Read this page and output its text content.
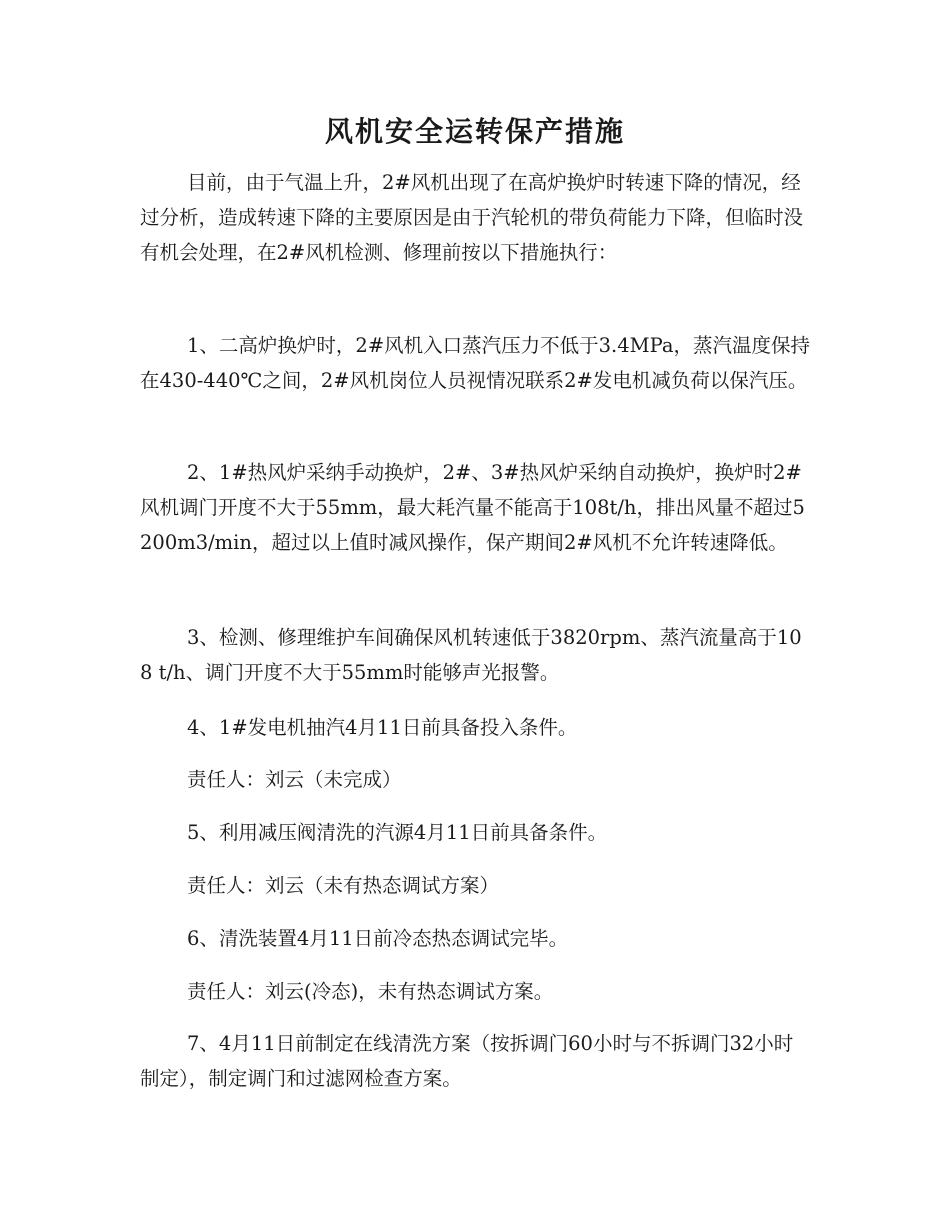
风机安全运转保产措施

目前，由于气温上升，2#风机出现了在高炉换炉时转速下降的情况，经过分析，造成转速下降的主要原因是由于汽轮机的带负荷能力下降，但临时没有机会处理，在2#风机检测、修理前按以下措施执行：

1、二高炉换炉时，2#风机入口蒸汽压力不低于3.4MPa，蒸汽温度保持在430-440℃之间，2#风机岗位人员视情况联系2#发电机减负荷以保汽压。

2、1#热风炉采纳手动换炉，2#、3#热风炉采纳自动换炉，换炉时2#风机调门开度不大于55mm，最大耗汽量不能高于108t/h，排出风量不超过5200m3/min，超过以上值时减风操作，保产期间2#风机不允许转速降低。

3、检测、修理维护车间确保风机转速低于3820rpm、蒸汽流量高于108 t/h、调门开度不大于55mm时能够声光报警。

4、1#发电机抽汽4月11日前具备投入条件。

责任人：刘云（未完成）

5、利用减压阀清洗的汽源4月11日前具备条件。

责任人：刘云（未有热态调试方案）

6、清洗装置4月11日前冷态热态调试完毕。

责任人：刘云(冷态)，未有热态调试方案。

7、4月11日前制定在线清洗方案（按拆调门60小时与不拆调门32小时制定），制定调门和过滤网检查方案。
